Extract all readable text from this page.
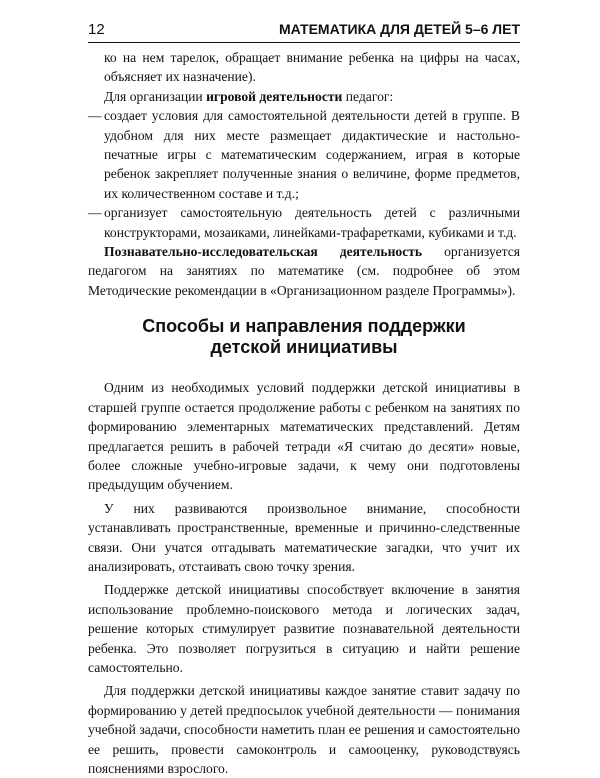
12	МАТЕМАТИКА ДЛЯ ДЕТЕЙ 5–6 ЛЕТ

ко на нем тарелок, обращает внимание ребенка на цифры на часах, объясняет их назначение).

Для организации игровой деятельности педагог:

— создает условия для самостоятельной деятельности детей в группе. В удобном для них месте размещает дидактические и настольно-печатные игры с математическим содержанием, играя в которые ребенок закрепляет полученные знания о величине, форме предметов, их количественном составе и т.д.;
— организует самостоятельную деятельность детей с различными конструкторами, мозаиками, линейками-трафаретками, кубиками и т.д.

Познавательно-исследовательская деятельность организуется педагогом на занятиях по математике (см. подробнее об этом Методические рекомендации в «Организационном разделе Программы»).

Способы и направления поддержки
детской инициативы

Одним из необходимых условий поддержки детской инициативы в старшей группе остается продолжение работы с ребенком на занятиях по формированию элементарных математических представлений. Детям предлагается решить в рабочей тетради «Я считаю до десяти» новые, более сложные учебно-игровые задачи, к чему они подготовлены предыдущим обучением.

У них развиваются произвольное внимание, способности устанавливать пространственные, временные и причинно-следственные связи. Они учатся отгадывать математические загадки, что учит их анализировать, отстаивать свою точку зрения.

Поддержке детской инициативы способствует включение в занятия использование проблемно-поискового метода и логических задач, решение которых стимулирует развитие познавательной деятельности ребенка. Это позволяет погрузиться в ситуацию и найти решение самостоятельно.

Для поддержки детской инициативы каждое занятие ставит задачу по формированию у детей предпосылок учебной деятельности — понимания учебной задачи, способности наметить план ее решения и самостоятельно ее решить, провести самоконтроль и самооценку, руководствуясь пояснениями взрослого.
